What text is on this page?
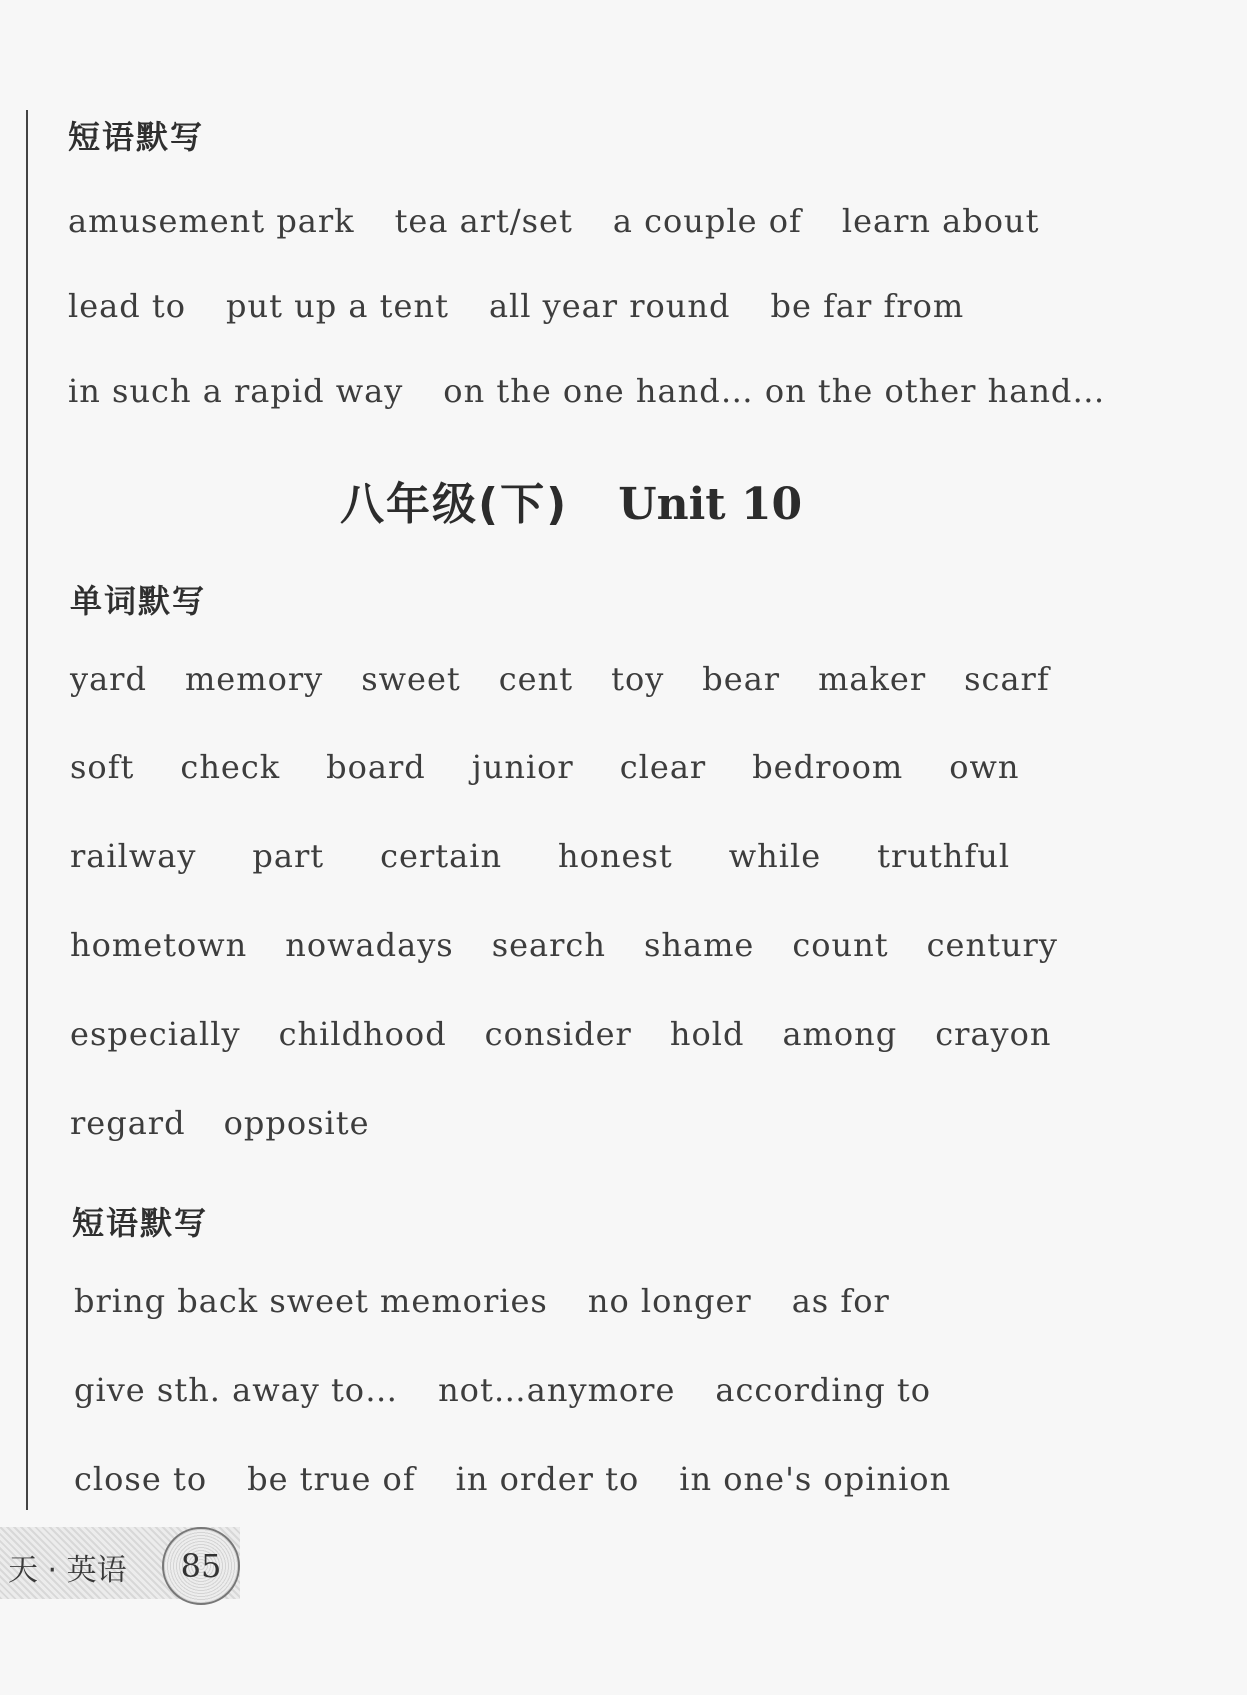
短语默写
amusement park tea art/set a couple of learn about
lead to put up a tent all year round be far from
in such a rapid way on the one hand… on the other hand…
八年级(下) Unit 10
单词默写
yard memory sweet cent toy bear maker scarf
soft check board junior clear bedroom own
railway part certain honest while truthful
hometown nowadays search shame count century
especially childhood consider hold among crayon
regard opposite
短语默写
bring back sweet memories no longer as for
give sth. away to… not…anymore according to
close to be true of in order to in one's opinion
天 · 英语	85
